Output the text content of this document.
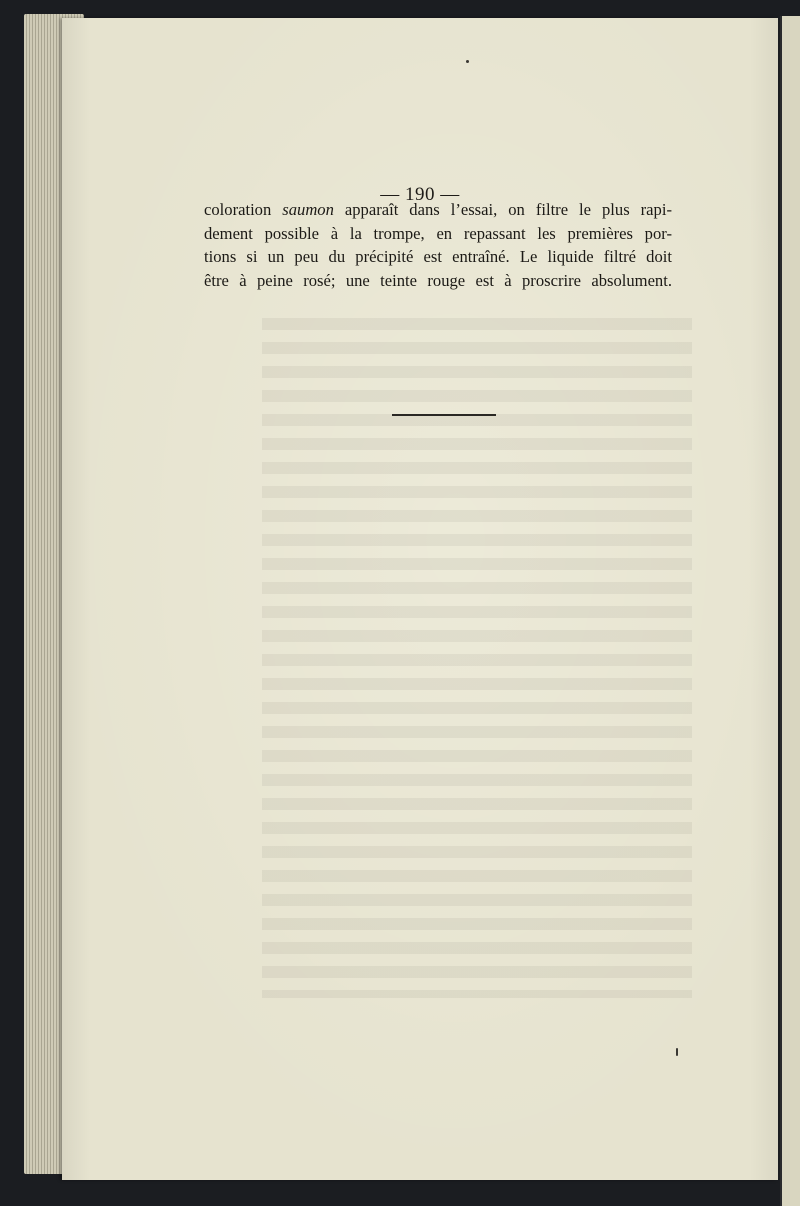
— 190 —

coloration saumon apparaît dans l’essai, on filtre le plus rapi-
dement possible à la trompe, en repassant les premières por-
tions si un peu du précipité est entraîné. Le liquide filtré doit
être à peine rosé; une teinte rouge est à proscrire absolument.
